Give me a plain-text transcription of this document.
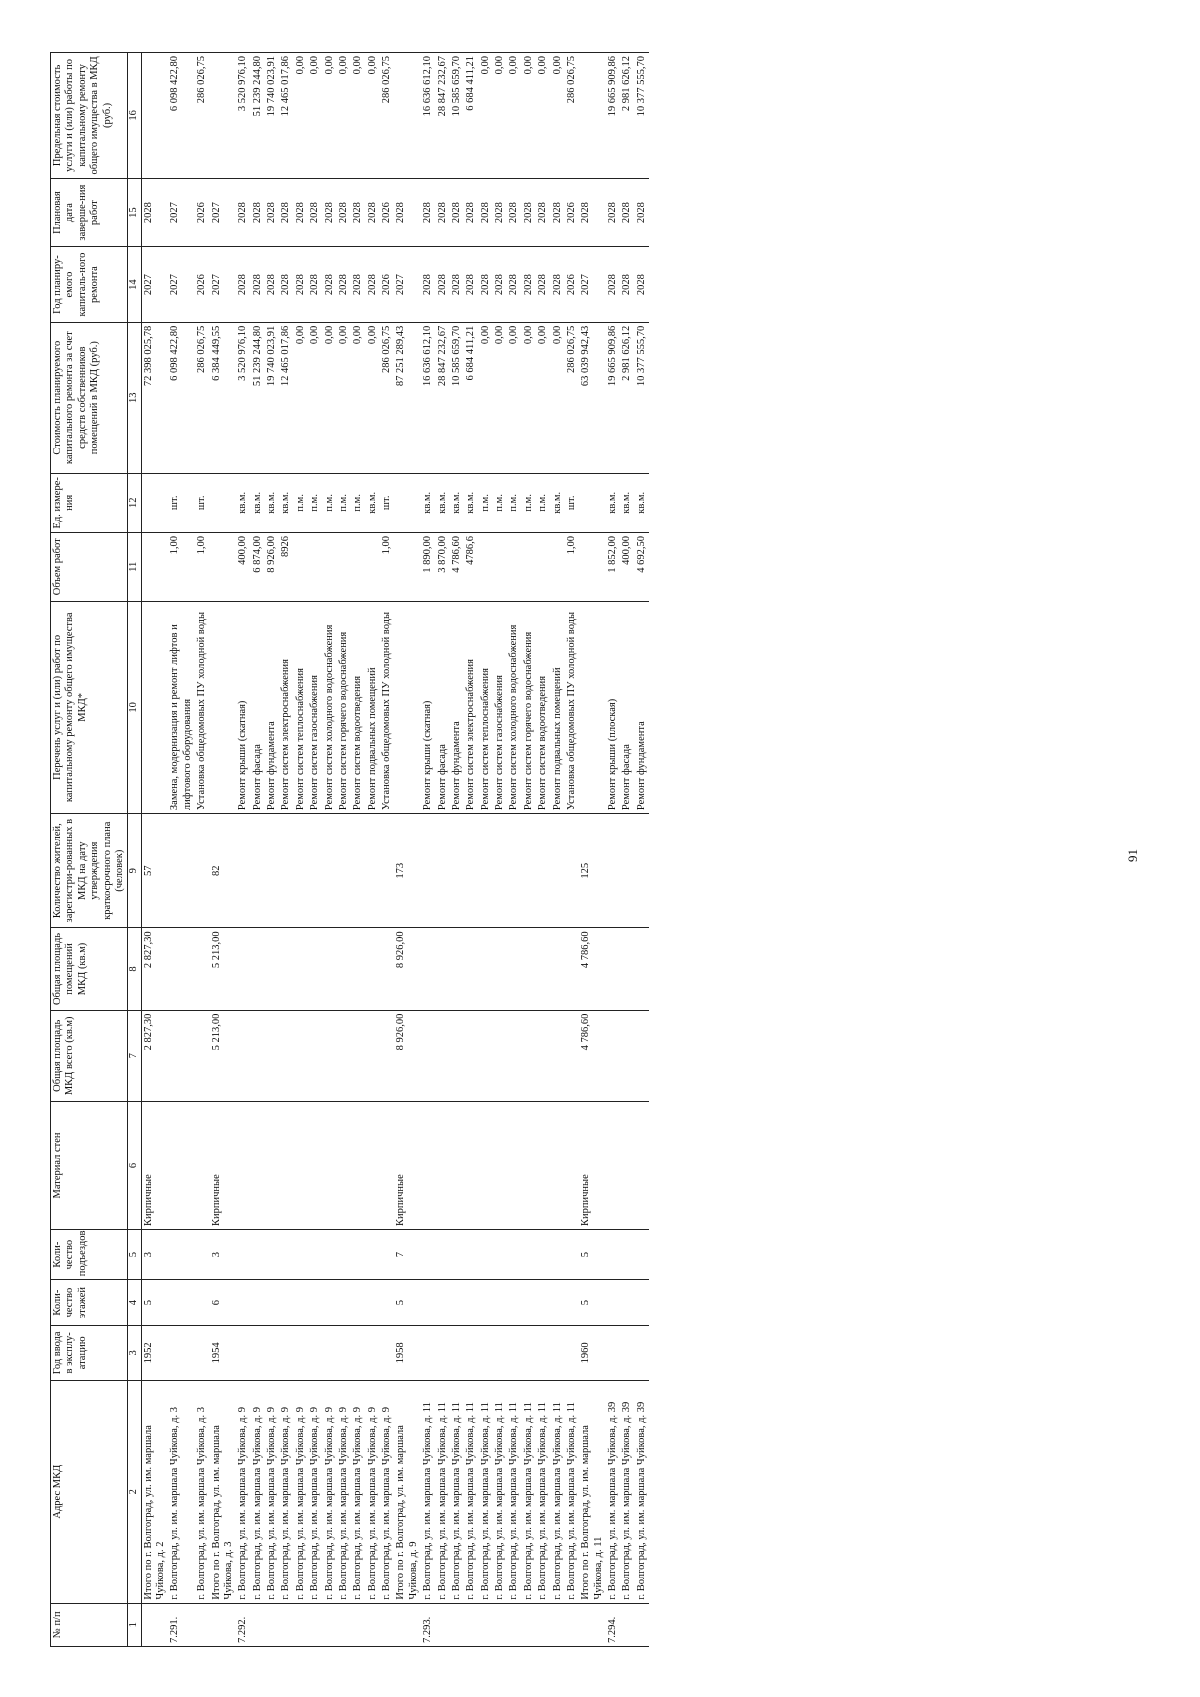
91
№ п/п	Адрес МКД	Год ввода в эксплу-атацию	Коли-чество этажей	Коли-чество подъездов	Материал стен	Общая площадь МКД всего (кв.м)	Общая площадь помещений МКД (кв.м)	Количество жителей, зарегистри-рованных в МКД на дату утверждения краткосрочного плана (человек)	Перечень услуг и (или) работ по капитальному ремонту общего имущества МКД*	Объем работ	Ед. измере-ния	Стоимость планируемого капитального ремонта за счет средств собственников помещений в МКД (руб.)	Год планиру-емого капиталь-ного ремонта	Плановая дата заверше-ния работ	Предельная стоимость услуги и (или) работы по капитальному ремонту общего имущества в МКД (руб.)
1	2	3	4	5	6	7	8	9	10	11	12	13	14	15	16
	Итого по г. Волгоград, ул. им. маршала Чуйкова, д. 2	1952	5	3	Кирпичные	2 827,30	2 827,30	57				72 398 025,78	2027	2028	
7.291.	г. Волгоград, ул. им. маршала Чуйкова, д. 3								Замена, модернизация и ремонт лифтов и лифтового оборудования	1,00	шт.	6 098 422,80	2027	2027	6 098 422,80
	г. Волгоград, ул. им. маршала Чуйкова, д. 3								Установка общедомовых ПУ холодной воды	1,00	шт.	286 026,75	2026	2026	286 026,75
	Итого по г. Волгоград, ул. им. маршала Чуйкова, д. 3	1954	6	3	Кирпичные	5 213,00	5 213,00	82				6 384 449,55	2027	2027	
7.292.	г. Волгоград, ул. им. маршала Чуйкова, д. 9								Ремонт крыши (скатная)	400,00	кв.м.	3 520 976,10	2028	2028	3 520 976,10
	г. Волгоград, ул. им. маршала Чуйкова, д. 9								Ремонт фасада	6 874,00	кв.м.	51 239 244,80	2028	2028	51 239 244,80
	г. Волгоград, ул. им. маршала Чуйкова, д. 9								Ремонт фундамента	8 926,00	кв.м.	19 740 023,91	2028	2028	19 740 023,91
	г. Волгоград, ул. им. маршала Чуйкова, д. 9								Ремонт систем электроснабжения	8926	кв.м.	12 465 017,86	2028	2028	12 465 017,86
	г. Волгоград, ул. им. маршала Чуйкова, д. 9								Ремонт систем теплоснабжения		п.м.	0,00	2028	2028	0,00
	г. Волгоград, ул. им. маршала Чуйкова, д. 9								Ремонт систем газоснабжения		п.м.	0,00	2028	2028	0,00
	г. Волгоград, ул. им. маршала Чуйкова, д. 9								Ремонт систем холодного водоснабжения		п.м.	0,00	2028	2028	0,00
	г. Волгоград, ул. им. маршала Чуйкова, д. 9								Ремонт систем горячего водоснабжения		п.м.	0,00	2028	2028	0,00
	г. Волгоград, ул. им. маршала Чуйкова, д. 9								Ремонт систем водоотведения		п.м.	0,00	2028	2028	0,00
	г. Волгоград, ул. им. маршала Чуйкова, д. 9								Ремонт подвальных помещений		кв.м.	0,00	2028	2028	0,00
	г. Волгоград, ул. им. маршала Чуйкова, д. 9								Установка общедомовых ПУ холодной воды	1,00	шт.	286 026,75	2026	2026	286 026,75
	Итого по г. Волгоград, ул. им. маршала Чуйкова, д. 9	1958	5	7	Кирпичные	8 926,00	8 926,00	173				87 251 289,43	2027	2028	
7.293.	г. Волгоград, ул. им. маршала Чуйкова, д. 11								Ремонт крыши (скатная)	1 890,00	кв.м.	16 636 612,10	2028	2028	16 636 612,10
	г. Волгоград, ул. им. маршала Чуйкова, д. 11								Ремонт фасада	3 870,00	кв.м.	28 847 232,67	2028	2028	28 847 232,67
	г. Волгоград, ул. им. маршала Чуйкова, д. 11								Ремонт фундамента	4 786,60	кв.м.	10 585 659,70	2028	2028	10 585 659,70
	г. Волгоград, ул. им. маршала Чуйкова, д. 11								Ремонт систем электроснабжения	4786,6	кв.м.	6 684 411,21	2028	2028	6 684 411,21
	г. Волгоград, ул. им. маршала Чуйкова, д. 11								Ремонт систем теплоснабжения		п.м.	0,00	2028	2028	0,00
	г. Волгоград, ул. им. маршала Чуйкова, д. 11								Ремонт систем газоснабжения		п.м.	0,00	2028	2028	0,00
	г. Волгоград, ул. им. маршала Чуйкова, д. 11								Ремонт систем холодного водоснабжения		п.м.	0,00	2028	2028	0,00
	г. Волгоград, ул. им. маршала Чуйкова, д. 11								Ремонт систем горячего водоснабжения		п.м.	0,00	2028	2028	0,00
	г. Волгоград, ул. им. маршала Чуйкова, д. 11								Ремонт систем водоотведения		п.м.	0,00	2028	2028	0,00
	г. Волгоград, ул. им. маршала Чуйкова, д. 11								Ремонт подвальных помещений		кв.м.	0,00	2028	2028	0,00
	г. Волгоград, ул. им. маршала Чуйкова, д. 11								Установка общедомовых ПУ холодной воды	1,00	шт.	286 026,75	2026	2026	286 026,75
	Итого по г. Волгоград, ул. им. маршала Чуйкова, д. 11	1960	5	5	Кирпичные	4 786,60	4 786,60	125				63 039 942,43	2027	2028	
7.294.	г. Волгоград, ул. им. маршала Чуйкова, д. 39								Ремонт крыши (плоская)	1 852,00	кв.м.	19 665 909,86	2028	2028	19 665 909,86
	г. Волгоград, ул. им. маршала Чуйкова, д. 39								Ремонт фасада	400,00	кв.м.	2 981 626,12	2028	2028	2 981 626,12
	г. Волгоград, ул. им. маршала Чуйкова, д. 39								Ремонт фундамента	4 692,50	кв.м.	10 377 555,70	2028	2028	10 377 555,70
